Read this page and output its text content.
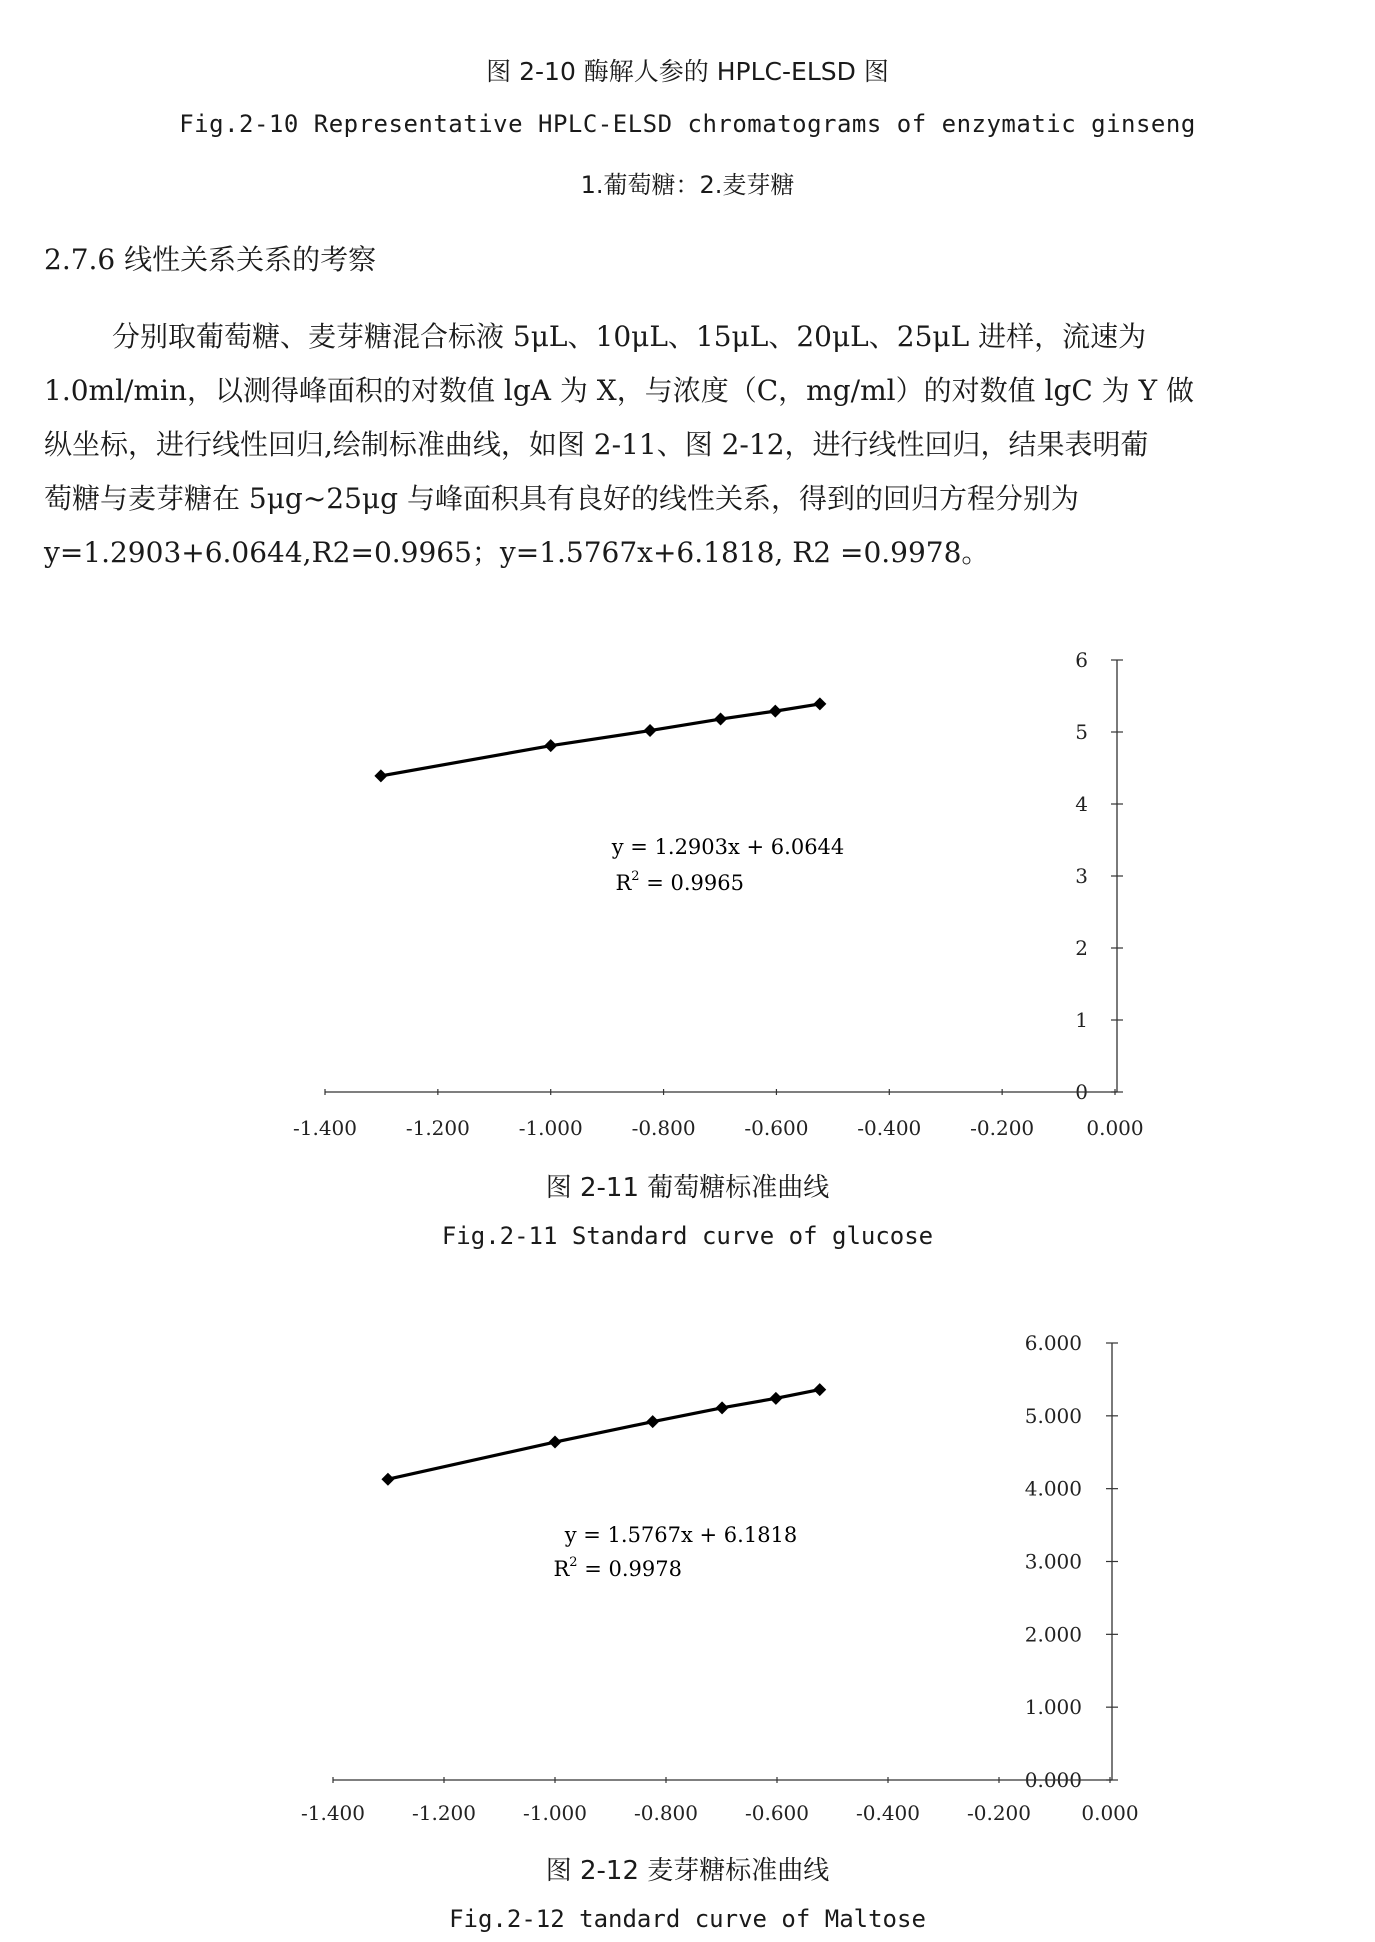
图 2-10 酶解人参的 HPLC-ELSD 图
Fig.2-10 Representative HPLC-ELSD chromatograms of enzymatic ginseng
1.葡萄糖：2.麦芽糖
2.7.6 线性关系关系的考察

分别取葡萄糖、麦芽糖混合标液 5μL、10μL、15μL、20μL、25μL 进样，流速为

1.0ml/min，以测得峰面积的对数值 lgA 为 X，与浓度（C，mg/ml）的对数值 lgC 为 Y 做

纵坐标，进行线性回归,绘制标准曲线，如图 2-11、图 2-12，进行线性回归，结果表明葡

萄糖与麦芽糖在 5μg~25μg 与峰面积具有良好的线性关系，得到的回归方程分别为

y=1.2903+6.0644,R2=0.9965；y=1.5767x+6.1818, R2 =0.9978。

0
1
2
3
4
5
6
-1.400 -1.200 -1.000 -0.800 -0.600 -0.400 -0.200	0.000
y = 1.2903x + 6.0644
$R^2 = 0.9965$
图 2-11 葡萄糖标准曲线
Fig.2-11 Standard curve of glucose
0.000
1.000
2.000
3.000
4.000
5.000
6.000
-1.400 -1.200 -1.000 -0.800 -0.600 -0.400 -0.200	0.000
y = 1.5767x + 6.1818
$R^2 = 0.9978$
图 2-12 麦芽糖标准曲线
Fig.2-12 tandard curve of Maltose
